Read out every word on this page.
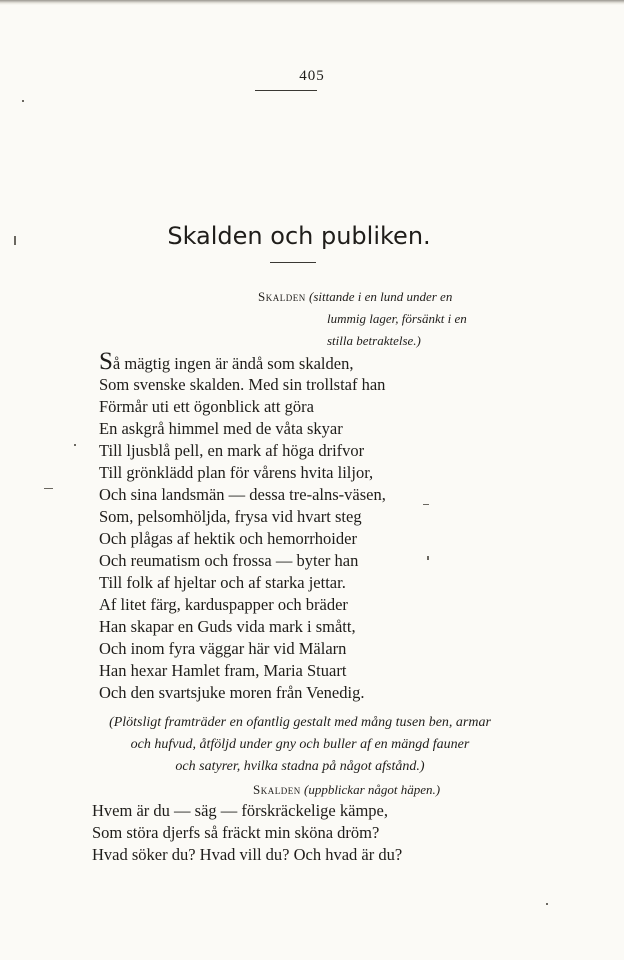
405
Skalden och publiken.
Skalden (sittande i en lund under en
lummig lager, försänkt i en
stilla betraktelse.)
Så mägtig ingen är ändå som skalden,
Som svenske skalden. Med sin trollstaf han
Förmår uti ett ögonblick att göra
En askgrå himmel med de våta skyar
Till ljusblå pell, en mark af höga drifvor
Till grönklädd plan för vårens hvita liljor,
Och sina landsmän — dessa tre-alns-väsen,
Som, pelsomhöljda, frysa vid hvart steg
Och plågas af hektik och hemorrhoider
Och reumatism och frossa — byter han
Till folk af hjeltar och af starka jettar.
Af litet färg, karduspapper och bräder
Han skapar en Guds vida mark i smått,
Och inom fyra väggar här vid Mälarn
Han hexar Hamlet fram, Maria Stuart
Och den svartsjuke moren från Venedig.
(Plötsligt framträder en ofantlig gestalt med mång tusen ben, armar
och hufvud, åtföljd under gny och buller af en mängd fauner
och satyrer, hvilka stadna på något afstånd.)
Skalden (uppblickar något häpen.)
Hvem är du — säg — förskräckelige kämpe,
Som störa djerfs så fräckt min sköna dröm?
Hvad söker du? Hvad vill du? Och hvad är du?
